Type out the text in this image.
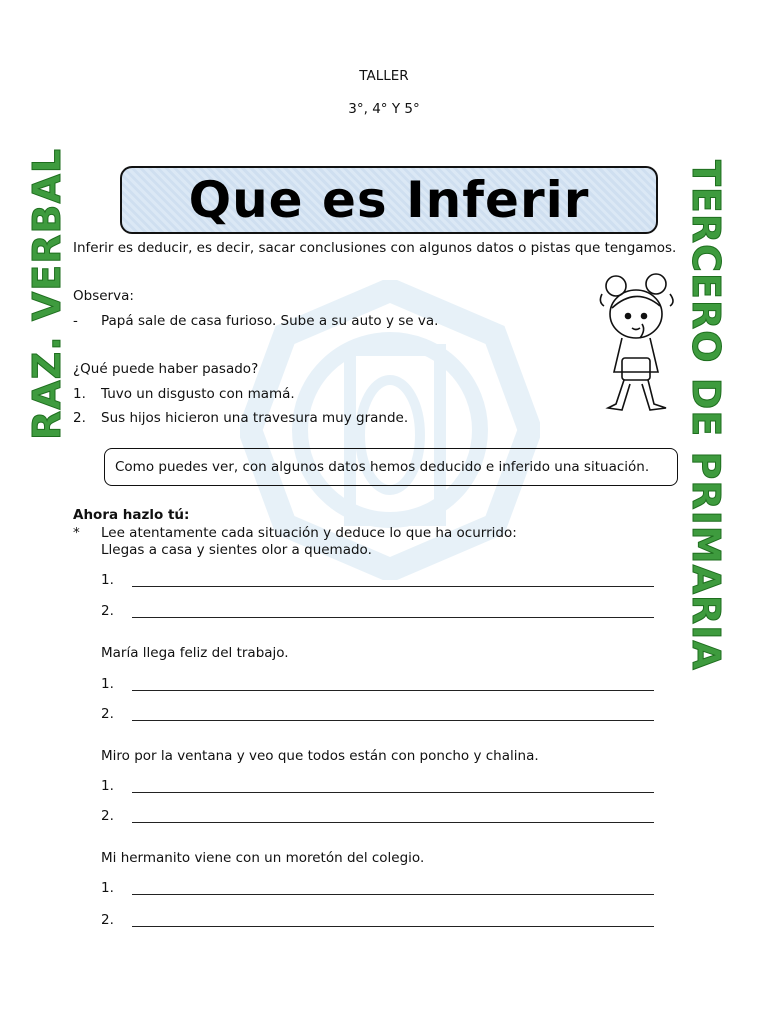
TALLER
3°, 4° Y 5°
Que es Inferir
RAZ. VERBAL	TERCERO DE PRIMARIA
Inferir es deducir, es decir, sacar conclusiones con algunos datos o pistas que tengamos.
Observa:
- Papá sale de casa furioso. Sube a su auto y se va.
¿Qué puede haber pasado?
1. Tuvo un disgusto con mamá.
2. Sus hijos hicieron una travesura muy grande.
Como puedes ver, con algunos datos hemos deducido e inferido una situación.
Ahora hazlo tú:
* Lee atentamente cada situación y deduce lo que ha ocurrido:
Llegas a casa y sientes olor a quemado.
1.
2.
María llega feliz del trabajo.
1.
2.
Miro por la ventana y veo que todos están con poncho y chalina.
1.
2.
Mi hermanito viene con un moretón del colegio.
1.
2.
